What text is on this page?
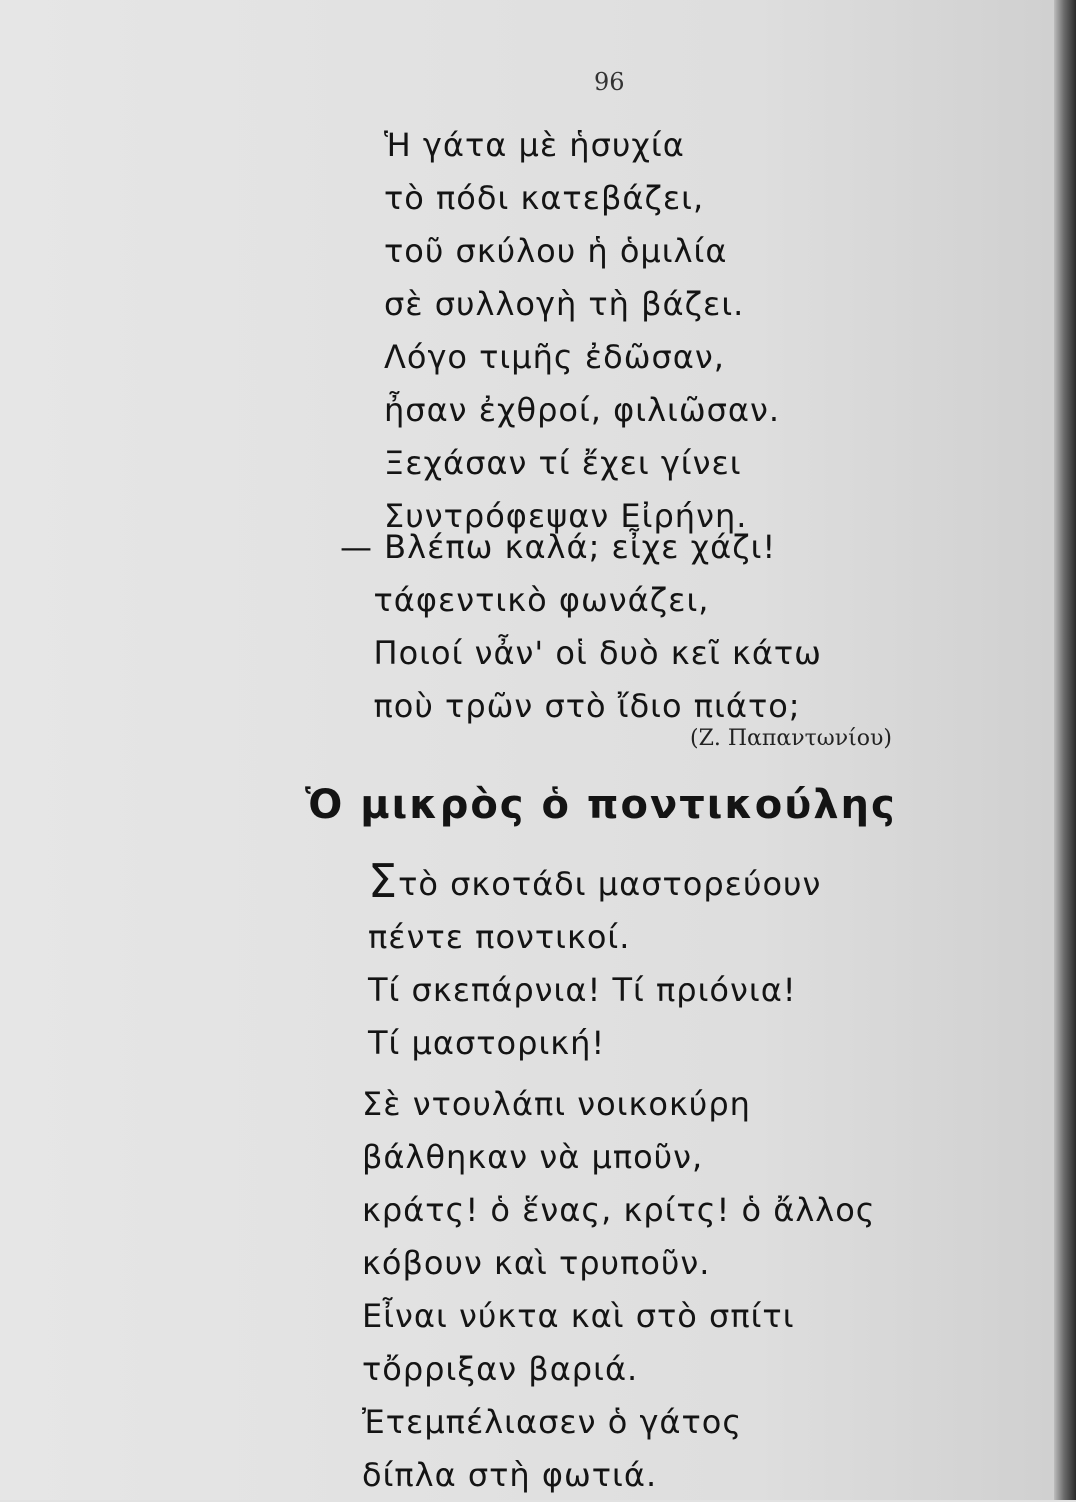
96
Ἡ γάτα μὲ ἡσυχία
τὸ πόδι κατεβάζει,
τοῦ σκύλου ἡ ὁμιλία
σὲ συλλογὴ τὴ βάζει.
Λόγο τιμῆς ἐδῶσαν,
ἦσαν ἐχθροί, φιλιῶσαν.
Ξεχάσαν τί ἔχει γίνει
Συντρόφεψαν Εἰρήνη.
— Βλέπω καλά; εἶχε χάζι!
τάφεντικὸ φωνάζει,
Ποιοί νἆν' οἱ δυὸ κεῖ κάτω
ποὺ τρῶν στὸ ἴδιο πιάτο;
(Ζ. Παπαντωνίου)
Ὁ μικρὸς ὁ ποντικούλης
Στὸ σκοτάδι μαστορεύουν
πέντε ποντικοί.
Τί σκεπάρνια! Τί πριόνια!
Τί μαστορική!
Σὲ ντουλάπι νοικοκύρη
βάλθηκαν νὰ μποῦν,
κράτς! ὁ ἕνας, κρίτς! ὁ ἄλλος
κόβουν καὶ τρυποῦν.
Εἶναι νύκτα καὶ στὸ σπίτι
τὄρριξαν βαριά.
Ἐτεμπέλιασεν ὁ γάτος
δίπλα στὴ φωτιά.
